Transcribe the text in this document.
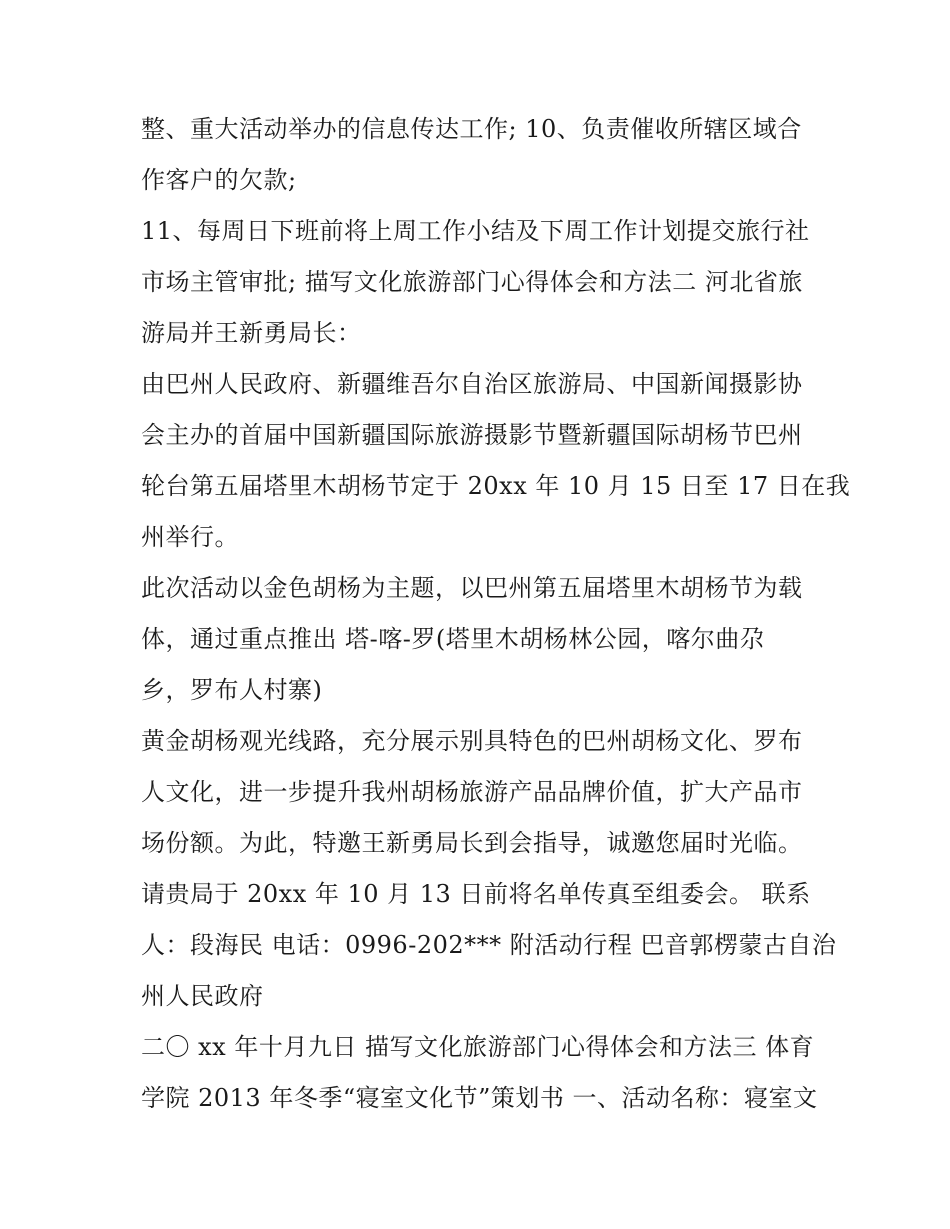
整、重大活动举办的信息传达工作; 10、负责催收所辖区域合
作客户的欠款;
11、每周日下班前将上周工作小结及下周工作计划提交旅行社
市场主管审批; 描写文化旅游部门心得体会和方法二 河北省旅
游局并王新勇局长：
由巴州人民政府、新疆维吾尔自治区旅游局、中国新闻摄影协
会主办的首届中国新疆国际旅游摄影节暨新疆国际胡杨节巴州
轮台第五届塔里木胡杨节定于 20xx 年 10 月 15 日至 17 日在我
州举行。
此次活动以金色胡杨为主题，以巴州第五届塔里木胡杨节为载
体，通过重点推出 塔-喀-罗(塔里木胡杨林公园，喀尔曲尕
乡，罗布人村寨)
黄金胡杨观光线路，充分展示别具特色的巴州胡杨文化、罗布
人文化，进一步提升我州胡杨旅游产品品牌价值，扩大产品市
场份额。为此，特邀王新勇局长到会指导，诚邀您届时光临。
请贵局于 20xx 年 10 月 13 日前将名单传真至组委会。 联系
人：段海民 电话：0996-202*** 附活动行程 巴音郭楞蒙古自治
州人民政府
二〇 xx 年十月九日 描写文化旅游部门心得体会和方法三 体育
学院 2013 年冬季“寝室文化节”策划书 一、活动名称：寝室文
